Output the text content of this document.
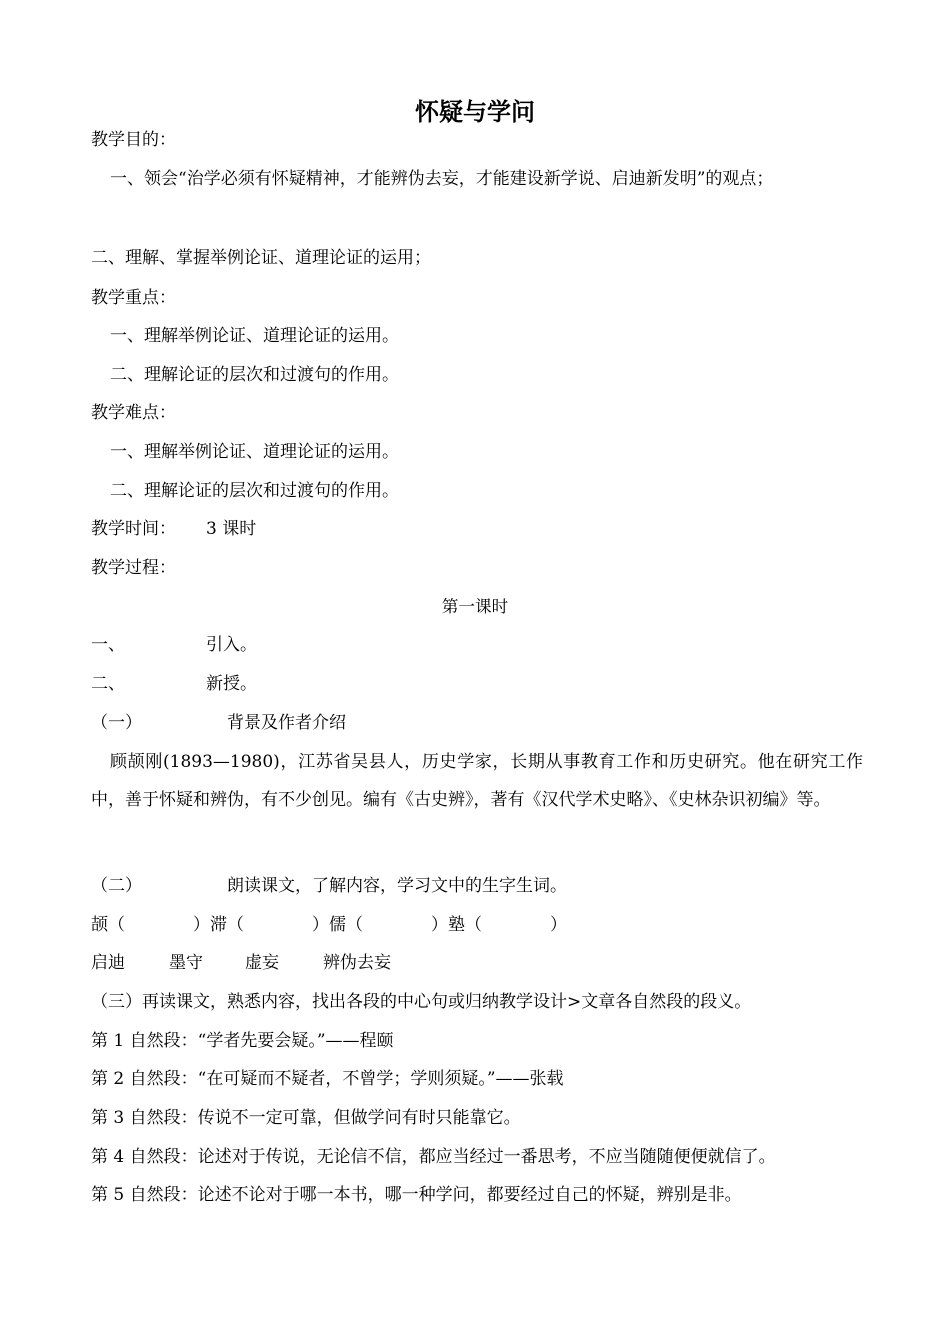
怀疑与学问
教学目的：
一、领会“治学必须有怀疑精神，才能辨伪去妄，才能建设新学说、启迪新发明”的观点；
二、理解、掌握举例论证、道理论证的运用；
教学重点：
一、理解举例论证、道理论证的运用。
二、理解论证的层次和过渡句的作用。
教学难点：
一、理解举例论证、道理论证的运用。
二、理解论证的层次和过渡句的作用。
教学时间： 3 课时
教学过程：
第一课时
一、	引入。
二、	新授。
（一）	背景及作者介绍
顾颉刚(1893—1980)，江苏省吴县人，历史学家，长期从事教育工作和历史研究。他在研究工作中，善于怀疑和辨伪，有不少创见。编有《古史辨》，著有《汉代学术史略》、《史林杂识初编》等。
（二）	朗读课文，了解内容，学习文中的生字生词。
颉（　　　　）滞（　　　　）儒（　　　　）塾（　　　　）
启迪	墨守 虚妄	辨伪去妄
（三）再读课文，熟悉内容，找出各段的中心句或归纳教学设计>文章各自然段的段义。
第 1 自然段：“学者先要会疑。”——程颐
第 2 自然段：“在可疑而不疑者，不曾学；学则须疑。”——张载
第 3 自然段：传说不一定可靠，但做学问有时只能靠它。
第 4 自然段：论述对于传说，无论信不信，都应当经过一番思考，不应当随随便便就信了。
第 5 自然段：论述不论对于哪一本书，哪一种学问，都要经过自己的怀疑，辨别是非。
